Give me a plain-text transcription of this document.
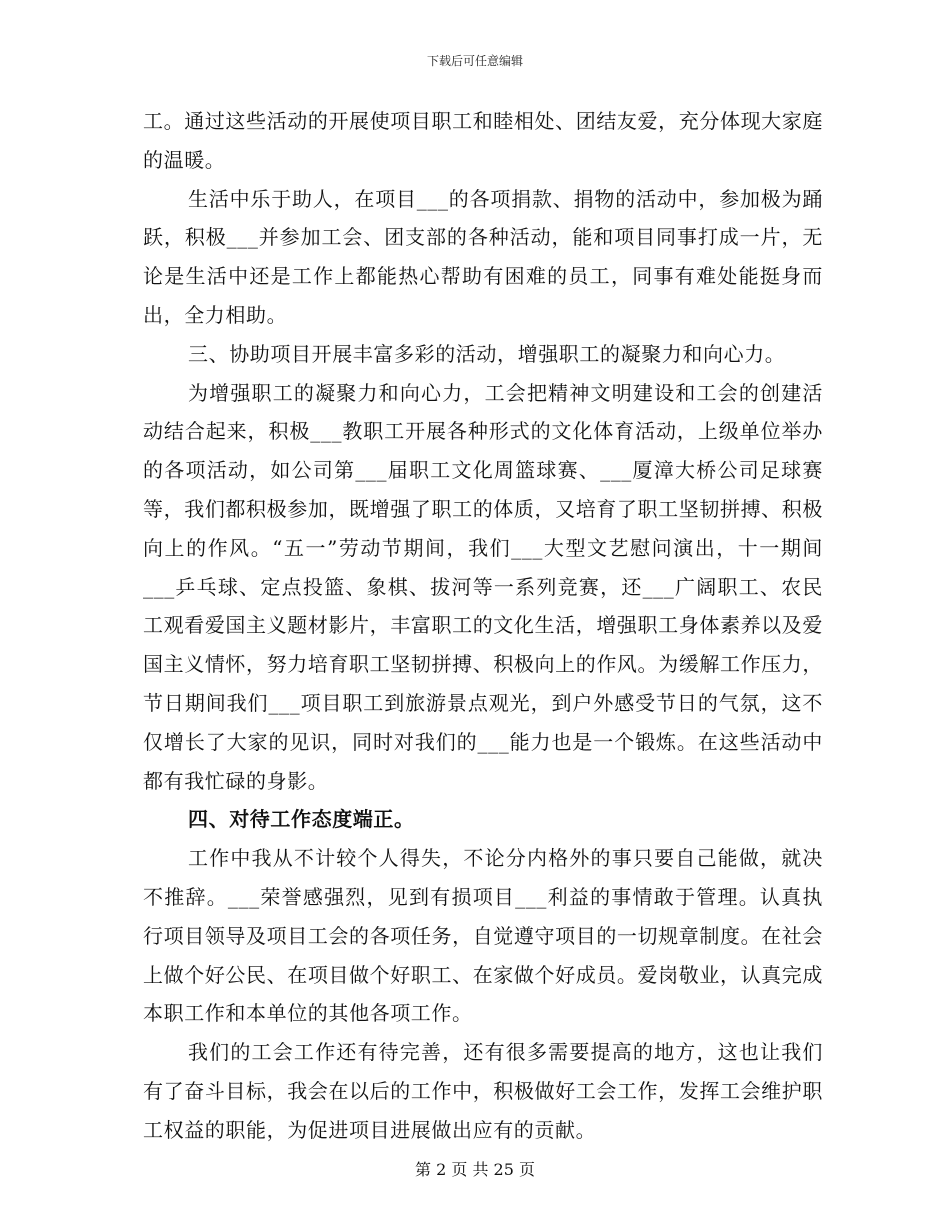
下载后可任意编辑

工。通过这些活动的开展使项目职工和睦相处、团结友爱，充分体现大家庭的温暖。

生活中乐于助人，在项目___的各项捐款、捐物的活动中，参加极为踊跃，积极___并参加工会、团支部的各种活动，能和项目同事打成一片，无论是生活中还是工作上都能热心帮助有困难的员工，同事有难处能挺身而出，全力相助。

三、协助项目开展丰富多彩的活动，增强职工的凝聚力和向心力。

为增强职工的凝聚力和向心力，工会把精神文明建设和工会的创建活动结合起来，积极___教职工开展各种形式的文化体育活动，上级单位举办的各项活动，如公司第___届职工文化周篮球赛、___厦漳大桥公司足球赛等，我们都积极参加，既增强了职工的体质，又培育了职工坚韧拼搏、积极向上的作风。“五一”劳动节期间，我们___大型文艺慰问演出，十一期间___乒乓球、定点投篮、象棋、拔河等一系列竞赛，还___广阔职工、农民工观看爱国主义题材影片，丰富职工的文化生活，增强职工身体素养以及爱国主义情怀，努力培育职工坚韧拼搏、积极向上的作风。为缓解工作压力，节日期间我们___项目职工到旅游景点观光，到户外感受节日的气氛，这不仅增长了大家的见识，同时对我们的___能力也是一个锻炼。在这些活动中都有我忙碌的身影。

四、对待工作态度端正。

工作中我从不计较个人得失，不论分内格外的事只要自己能做，就决不推辞。___荣誉感强烈，见到有损项目___利益的事情敢于管理。认真执行项目领导及项目工会的各项任务，自觉遵守项目的一切规章制度。在社会上做个好公民、在项目做个好职工、在家做个好成员。爱岗敬业，认真完成本职工作和本单位的其他各项工作。

我们的工会工作还有待完善，还有很多需要提高的地方，这也让我们有了奋斗目标，我会在以后的工作中，积极做好工会工作，发挥工会维护职工权益的职能，为促进项目进展做出应有的贡献。

第 2 页 共 25 页
